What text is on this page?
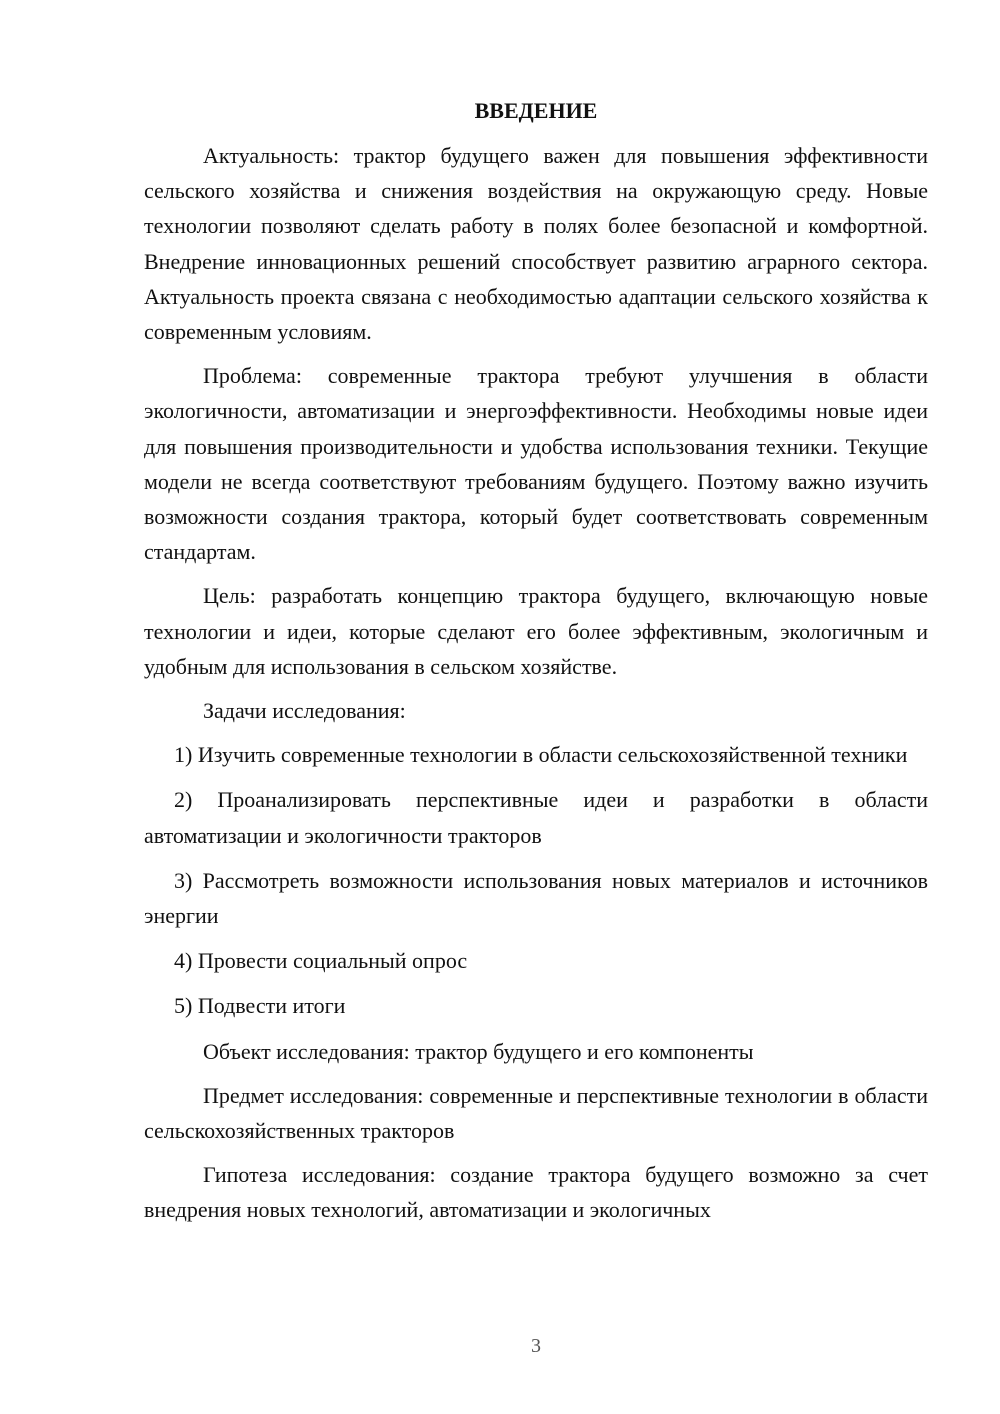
ВВЕДЕНИЕ

Актуальность: трактор будущего важен для повышения эффективности сельского хозяйства и снижения воздействия на окружающую среду. Новые технологии позволяют сделать работу в полях более безопасной и комфортной. Внедрение инновационных решений способствует развитию аграрного сектора. Актуальность проекта связана с необходимостью адаптации сельского хозяйства к современным условиям.

Проблема: современные трактора требуют улучшения в области экологичности, автоматизации и энергоэффективности. Необходимы новые идеи для повышения производительности и удобства использования техники. Текущие модели не всегда соответствуют требованиям будущего. Поэтому важно изучить возможности создания трактора, который будет соответствовать современным стандартам.

Цель: разработать концепцию трактора будущего, включающую новые технологии и идеи, которые сделают его более эффективным, экологичным и удобным для использования в сельском хозяйстве.

Задачи исследования:

1) Изучить современные технологии в области сельскохозяйственной техники

2) Проанализировать перспективные идеи и разработки в области автоматизации и экологичности тракторов

3) Рассмотреть возможности использования новых материалов и источников энергии

4) Провести социальный опрос

5) Подвести итоги

Объект исследования: трактор будущего и его компоненты

Предмет исследования: современные и перспективные технологии в области сельскохозяйственных тракторов

Гипотеза исследования: создание трактора будущего возможно за счет внедрения новых технологий, автоматизации и экологичных

3
